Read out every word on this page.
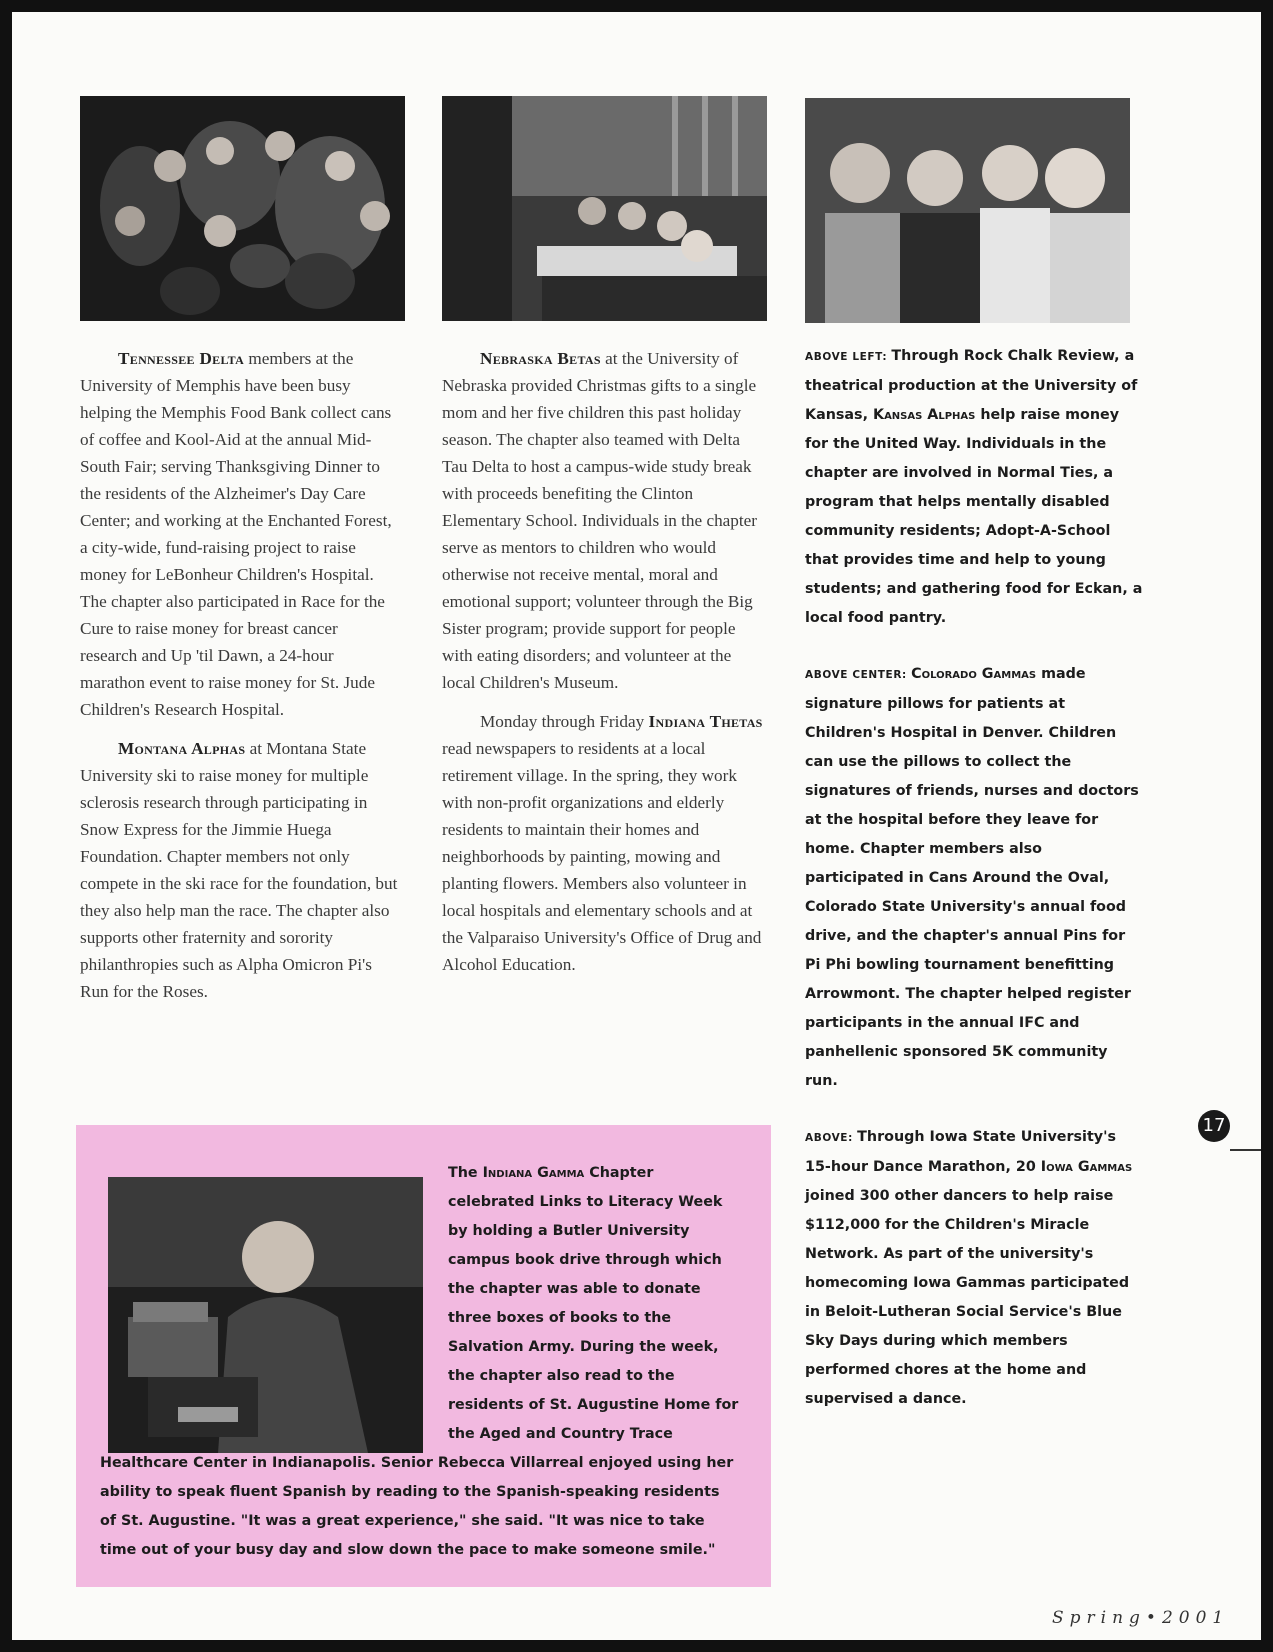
Tennessee Delta members at the University of Memphis have been busy helping the Memphis Food Bank collect cans of coffee and Kool-Aid at the annual Mid-South Fair; serving Thanksgiving Dinner to the residents of the Alzheimer's Day Care Center; and working at the Enchanted Forest, a city-wide, fund-raising project to raise money for LeBonheur Children's Hospital. The chapter also participated in Race for the Cure to raise money for breast cancer research and Up 'til Dawn, a 24-hour marathon event to raise money for St. Jude Children's Research Hospital.

Montana Alphas at Montana State University ski to raise money for multiple sclerosis research through participating in Snow Express for the Jimmie Huega Foundation. Chapter members not only compete in the ski race for the foundation, but they also help man the race. The chapter also supports other fraternity and sorority philanthropies such as Alpha Omicron Pi's Run for the Roses.

Nebraska Betas at the University of Nebraska provided Christmas gifts to a single mom and her five children this past holiday season. The chapter also teamed with Delta Tau Delta to host a campus-wide study break with proceeds benefiting the Clinton Elementary School. Individuals in the chapter serve as mentors to children who would otherwise not receive mental, moral and emotional support; volunteer through the Big Sister program; provide support for people with eating disorders; and volunteer at the local Children's Museum.

Monday through Friday Indiana Thetas read newspapers to residents at a local retirement village. In the spring, they work with non-profit organizations and elderly residents to maintain their homes and neighborhoods by painting, mowing and planting flowers. Members also volunteer in local hospitals and elementary schools and at the Valparaiso University's Office of Drug and Alcohol Education.

ABOVE LEFT: Through Rock Chalk Review, a theatrical production at the University of Kansas, Kansas Alphas help raise money for the United Way. Individuals in the chapter are involved in Normal Ties, a program that helps mentally disabled community residents; Adopt-A-School that provides time and help to young students; and gathering food for Eckan, a local food pantry.

ABOVE CENTER: Colorado Gammas made signature pillows for patients at Children's Hospital in Denver. Children can use the pillows to collect the signatures of friends, nurses and doctors at the hospital before they leave for home. Chapter members also participated in Cans Around the Oval, Colorado State University's annual food drive, and the chapter's annual Pins for Pi Phi bowling tournament benefitting Arrowmont. The chapter helped register participants in the annual IFC and panhellenic sponsored 5K community run.

ABOVE: Through Iowa State University's 15-hour Dance Marathon, 20 Iowa Gammas joined 300 other dancers to help raise $112,000 for the Children's Miracle Network. As part of the university's homecoming Iowa Gammas participated in Beloit-Lutheran Social Service's Blue Sky Days during which members performed chores at the home and supervised a dance.

The Indiana Gamma Chapter celebrated Links to Literacy Week by holding a Butler University campus book drive through which the chapter was able to donate three boxes of books to the Salvation Army. During the week, the chapter also read to the residents of St. Augustine Home for the Aged and Country Trace Healthcare Center in Indianapolis. Senior Rebecca Villarreal enjoyed using her ability to speak fluent Spanish by reading to the Spanish-speaking residents of St. Augustine. "It was a great experience," she said. "It was nice to take time out of your busy day and slow down the pace to make someone smile."
17
Spring•2001
